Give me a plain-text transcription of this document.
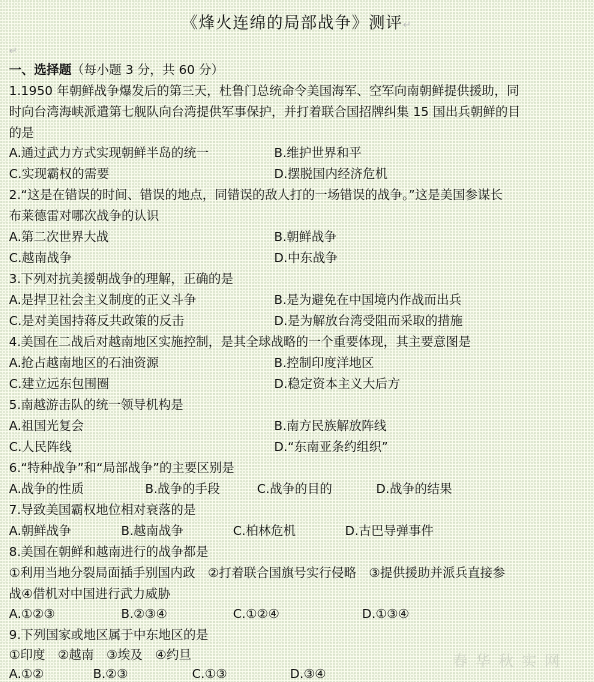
《烽火连绵的局部战争》测评↵
↵
一、选择题（每小题 3 分，共 60 分）
1.1950 年朝鲜战争爆发后的第三天，杜鲁门总统命令美国海军、空军向南朝鲜提供援助，同
时向台湾海峡派遣第七舰队向台湾提供军事保护，并打着联合国招牌纠集 15 国出兵朝鲜的目
的是
A.通过武力方式实现朝鲜半岛的统一	B.维护世界和平
C.实现霸权的需要	D.摆脱国内经济危机
2.“这是在错误的时间、错误的地点，同错误的敌人打的一场错误的战争。”这是美国参谋长
布莱德雷对哪次战争的认识
A.第二次世界大战	B.朝鲜战争
C.越南战争	D.中东战争
3.下列对抗美援朝战争的理解，正确的是
A.是捍卫社会主义制度的正义斗争	B.是为避免在中国境内作战而出兵
C.是对美国持蒋反共政策的反击	D.是为解放台湾受阻而采取的措施
4.美国在二战后对越南地区实施控制，是其全球战略的一个重要体现，其主要意图是
A.抢占越南地区的石油资源	B.控制印度洋地区
C.建立远东包围圈	D.稳定资本主义大后方
5.南越游击队的统一领导机构是
A.祖国光复会	B.南方民族解放阵线
C.人民阵线	D.“东南亚条约组织”
6.“特种战争”和“局部战争”的主要区别是
A.战争的性质	B.战争的手段	C.战争的目的	D.战争的结果
7.导致美国霸权地位相对衰落的是
A.朝鲜战争	B.越南战争	C.柏林危机	D.古巴导弹事件
8.美国在朝鲜和越南进行的战争都是
①利用当地分裂局面插手别国内政　②打着联合国旗号实行侵略　③提供援助并派兵直接参
战④借机对中国进行武力威胁
A.①②③	B.②③④	C.①②④	D.①③④
9.下列国家或地区属于中东地区的是
①印度　②越南　③埃及　④约旦
A.①②	B.②③	C.①③	D.③④
春华秋实网
